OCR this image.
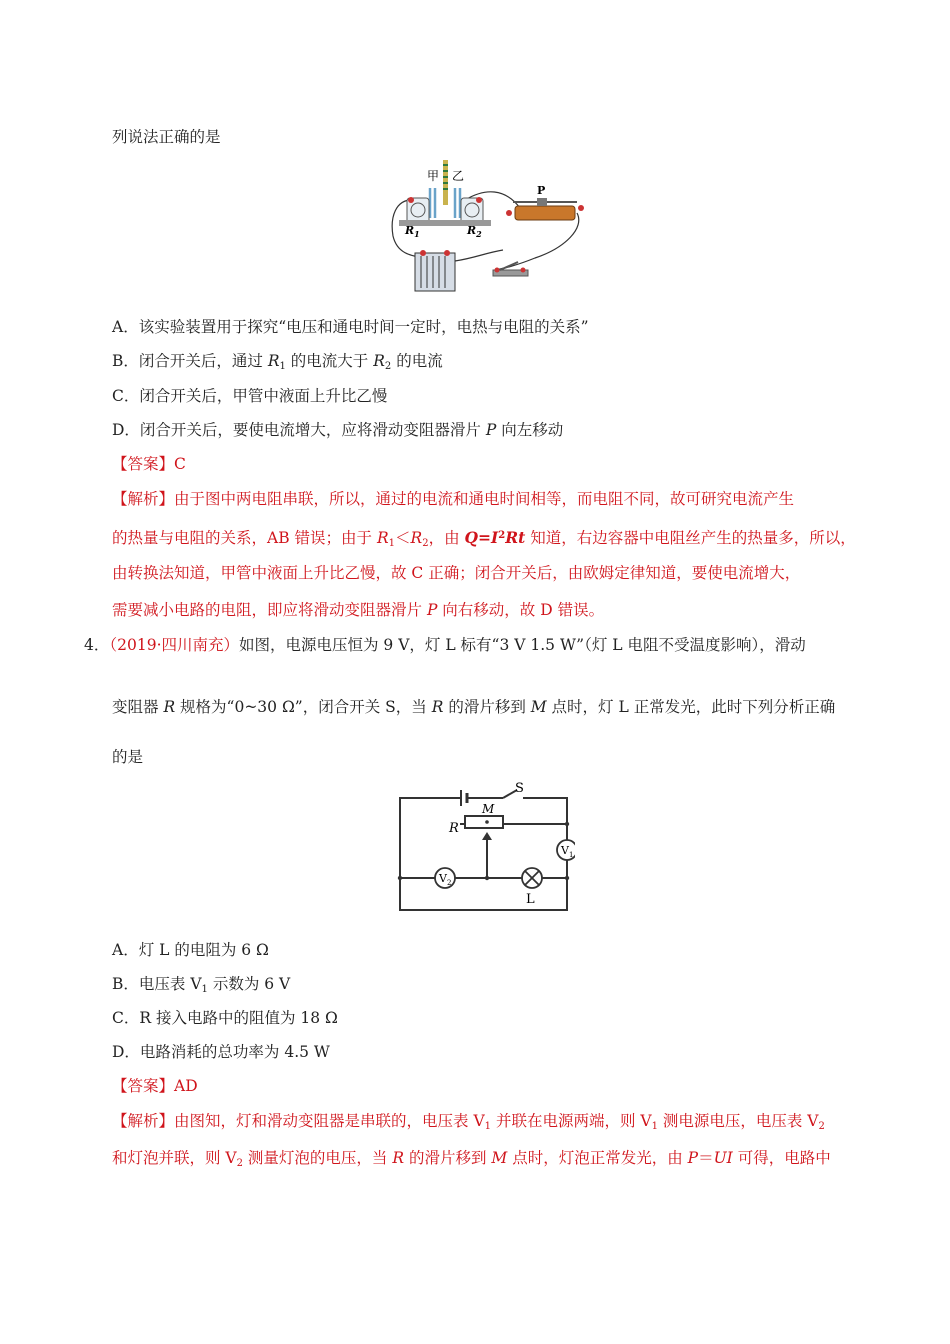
列说法正确的是
甲 乙
P
$R_1$	$R_2$
A．该实验装置用于探究“电压和通电时间一定时，电热与电阻的关系”
B．闭合开关后，通过 $R_1$ 的电流大于 $R_2$ 的电流
C．闭合开关后，甲管中液面上升比乙慢
D．闭合开关后，要使电流增大，应将滑动变阻器滑片 P 向左移动
【答案】C
【解析】由于图中两电阻串联，所以，通过的电流和通电时间相等，而电阻不同，故可研究电流产生
的热量与电阻的关系，AB 错误；由于 $R_1<R_2$，由 $Q=I^2Rt$ 知道，右边容器中电阻丝产生的热量多，所以，
由转换法知道，甲管中液面上升比乙慢，故 C 正确；闭合开关后，由欧姆定律知道，要使电流增大，
需要减小电路的电阻，即应将滑动变阻器滑片 P 向右移动，故 D 错误。
4．（2019·四川南充）如图，电源电压恒为 9 V，灯 L 标有“3 V 1.5 W”（灯 L 电阻不受温度影响），滑动
变阻器 R 规格为“0~30 Ω”，闭合开关 S，当 R 的滑片移到 M 点时，灯 L 正常发光，此时下列分析正确
的是
S
M
R
$V_1$
$V_2$
L
A．灯 L 的电阻为 6 Ω
B．电压表 $V_1$ 示数为 6 V
C．R 接入电路中的阻值为 18 Ω
D．电路消耗的总功率为 4.5 W
【答案】AD
【解析】由图知，灯和滑动变阻器是串联的，电压表 $V_1$ 并联在电源两端，则 $V_1$ 测电源电压，电压表 $V_2$
和灯泡并联，则 $V_2$ 测量灯泡的电压，当 R 的滑片移到 M 点时，灯泡正常发光，由 P＝UI 可得，电路中
